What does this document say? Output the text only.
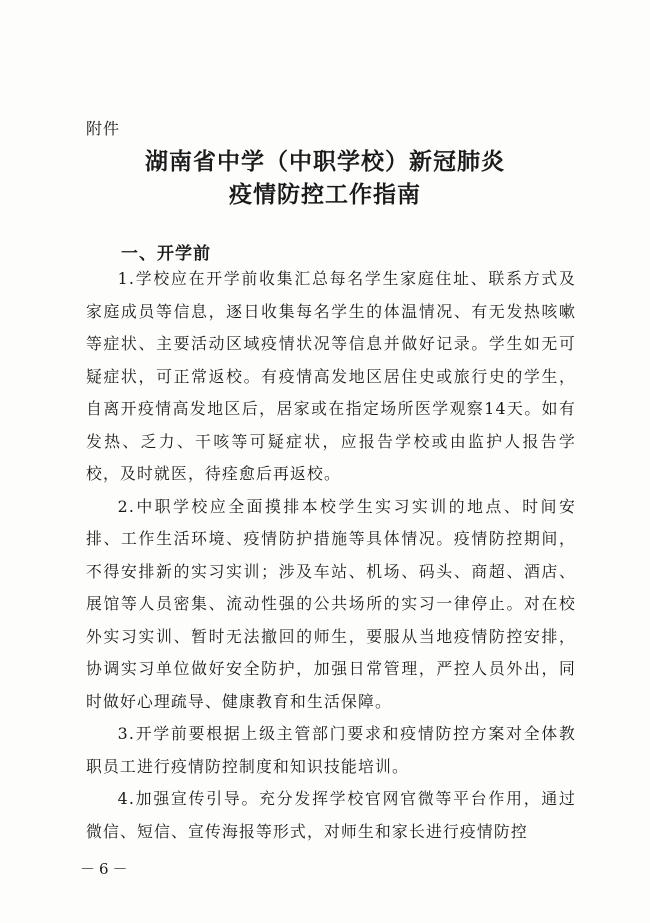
附件
湖南省中学（中职学校）新冠肺炎
疫情防控工作指南
一、开学前

1.学校应在开学前收集汇总每名学生家庭住址、联系方式及家庭成员等信息，逐日收集每名学生的体温情况、有无发热咳嗽等症状、主要活动区域疫情状况等信息并做好记录。学生如无可疑症状，可正常返校。有疫情高发地区居住史或旅行史的学生，自离开疫情高发地区后，居家或在指定场所医学观察14天。如有发热、乏力、干咳等可疑症状，应报告学校或由监护人报告学校，及时就医，待痊愈后再返校。

2.中职学校应全面摸排本校学生实习实训的地点、时间安排、工作生活环境、疫情防护措施等具体情况。疫情防控期间，不得安排新的实习实训；涉及车站、机场、码头、商超、酒店、展馆等人员密集、流动性强的公共场所的实习一律停止。对在校外实习实训、暂时无法撤回的师生，要服从当地疫情防控安排，协调实习单位做好安全防护，加强日常管理，严控人员外出，同时做好心理疏导、健康教育和生活保障。

3.开学前要根据上级主管部门要求和疫情防控方案对全体教职员工进行疫情防控制度和知识技能培训。

4.加强宣传引导。充分发挥学校官网官微等平台作用，通过微信、短信、宣传海报等形式，对师生和家长进行疫情防控

－6－
